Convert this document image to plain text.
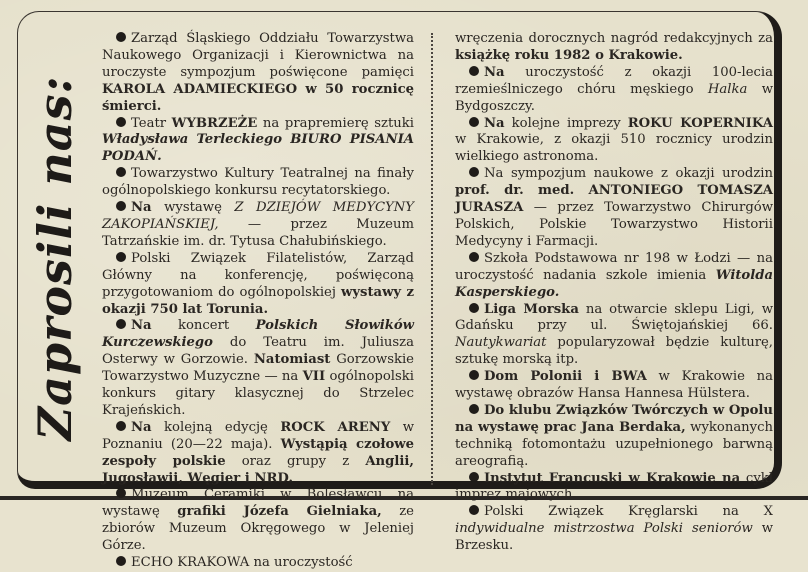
Zaprosili nas:

Zarząd Śląskiego Oddziału Towarzystwa Naukowego Organizacji i Kierownictwa na uroczyste sympozjum poświęcone pamięci KAROLA ADAMIECKIEGO w 50 rocznicę śmierci.

Teatr WYBRZEŻE na prapremierę sztuki Władysława Terleckiego BIURO PISANIA PODAŃ.

Towarzystwo Kultury Teatralnej na finały ogólnopolskiego konkursu recytatorskiego.

Na wystawę Z DZIEJÓW MEDYCYNY ZAKOPIAŃSKIEJ, — przez Muzeum Tatrzańskie im. dr. Tytusa Chałubińskiego.

Polski Związek Filatelistów, Zarząd Główny na konferencję, poświęconą przygotowaniom do ogólnopolskiej wystawy z okazji 750 lat Torunia.

Na koncert Polskich Słowików Kurczewskiego do Teatru im. Juliusza Osterwy w Gorzowie. Natomiast Gorzowskie Towarzystwo Muzyczne — na VII ogólnopolski konkurs gitary klasycznej do Strzelec Krajeńskich.

Na kolejną edycję ROCK ARENY w Poznaniu (20—22 maja). Wystąpią czołowe zespoły polskie oraz grupy z Anglii, Jugosławii, Węgier i NRD.

Muzeum Ceramiki w Bolesławcu na wystawę grafiki Józefa Gielniaka, ze zbiorów Muzeum Okręgowego w Jeleniej Górze.

ECHO KRAKOWA na uroczystość

wręczenia dorocznych nagród redakcyjnych za książkę roku 1982 o Krakowie.

Na uroczystość z okazji 100-lecia rzemieślniczego chóru męskiego Halka w Bydgoszczy.

Na kolejne imprezy ROKU KOPERNIKA w Krakowie, z okazji 510 rocznicy urodzin wielkiego astronoma.

Na sympozjum naukowe z okazji urodzin prof. dr. med. ANTONIEGO TOMASZA JURASZA — przez Towarzystwo Chirurgów Polskich, Polskie Towarzystwo Historii Medycyny i Farmacji.

Szkoła Podstawowa nr 198 w Łodzi — na uroczystość nadania szkole imienia Witolda Kasperskiego.

Liga Morska na otwarcie sklepu Ligi, w Gdańsku przy ul. Świętojańskiej 66. Nautykwariat popularyzował będzie kulturę, sztukę morską itp.

Dom Polonii i BWA w Krakowie na wystawę obrazów Hansa Hannesa Hülstera.

Do klubu Związków Twórczych w Opolu na wystawę prac Jana Berdaka, wykonanych techniką fotomontażu uzupełnionego barwną areografią.

Instytut Francuski w Krakowie na cykl imprez majowych.

Polski Związek Kręglarski na X indywidualne mistrzostwa Polski seniorów w Brzesku.
